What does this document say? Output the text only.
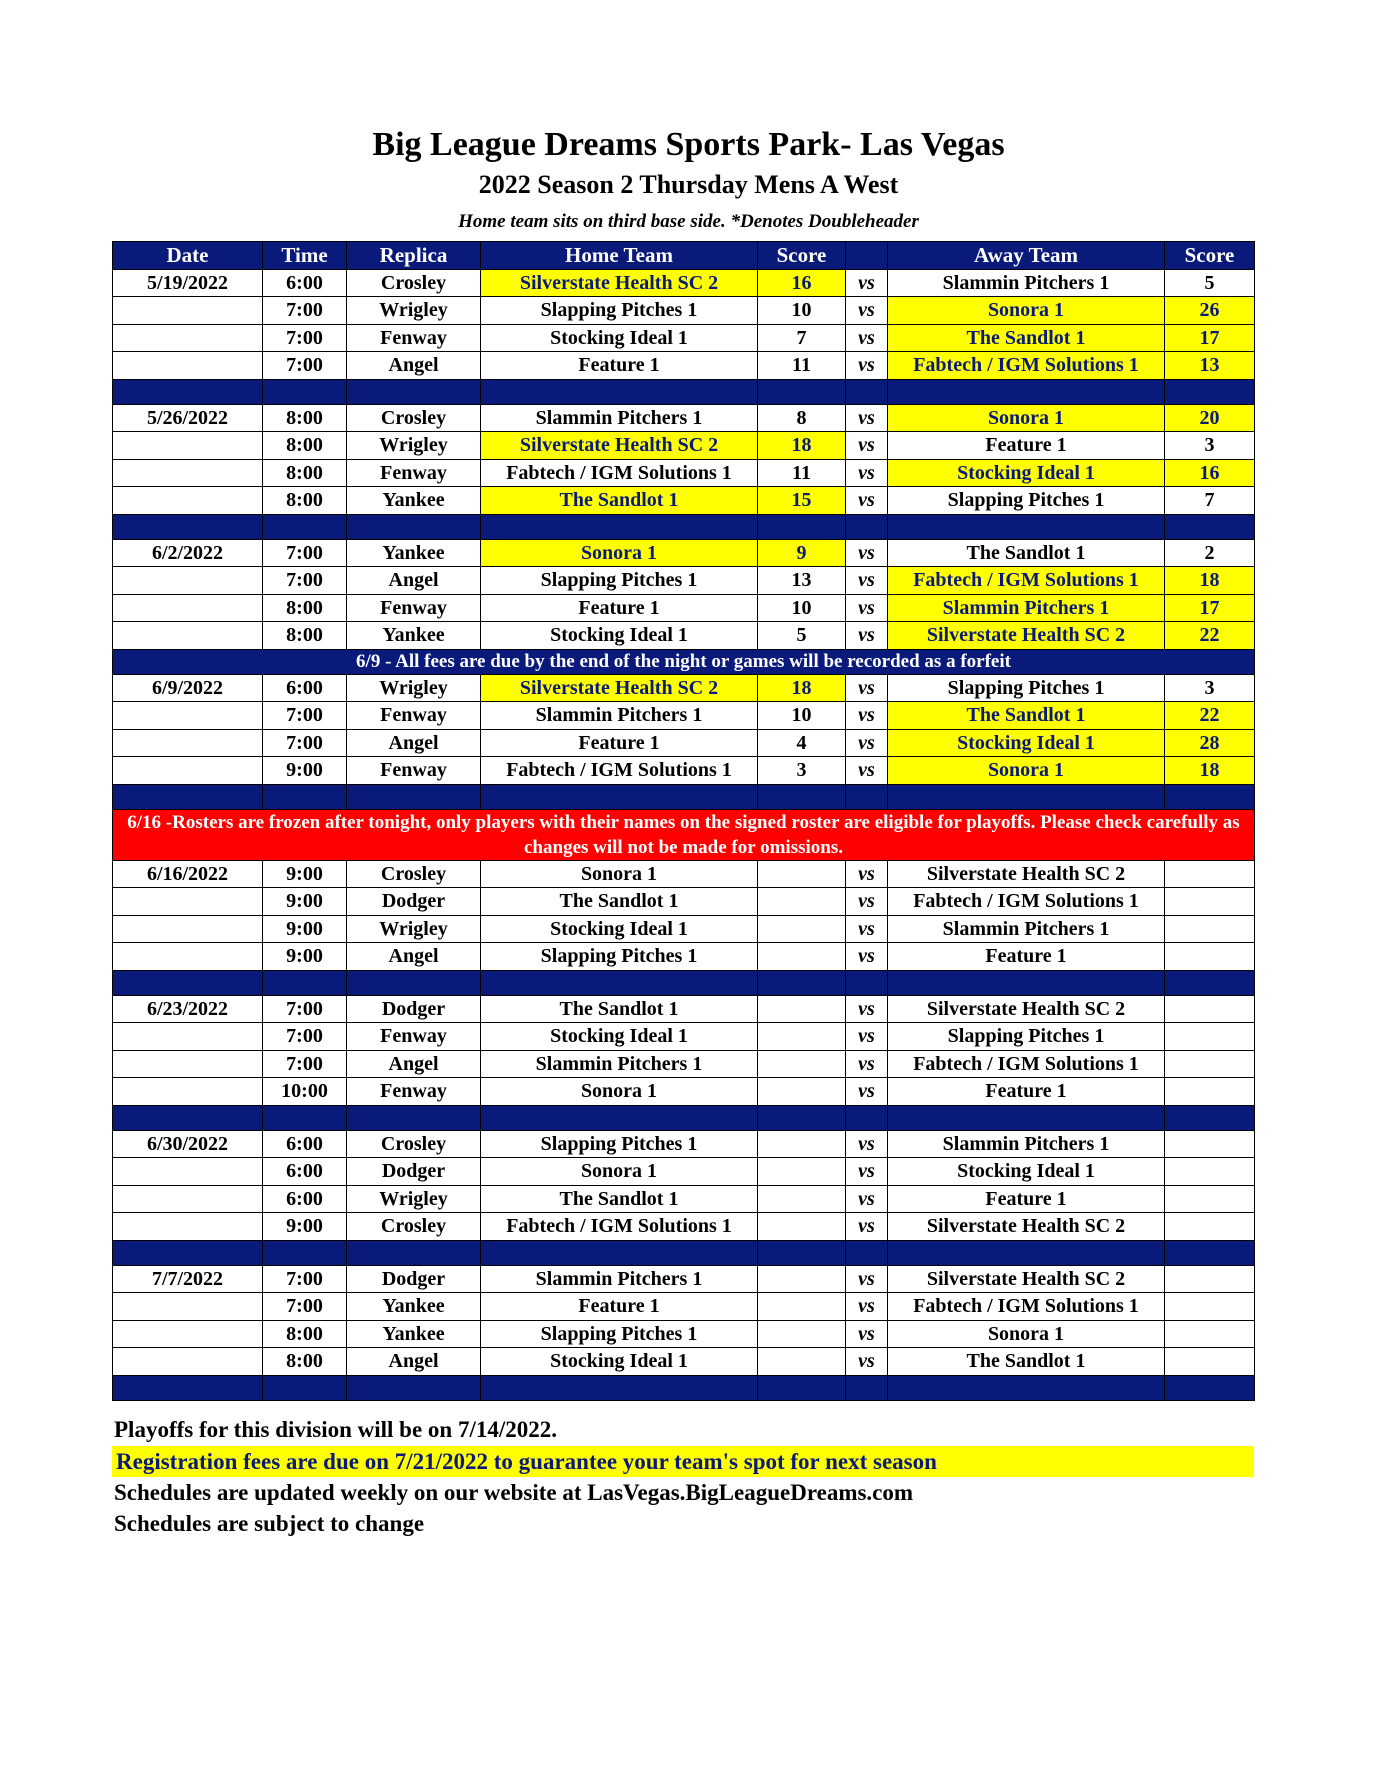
Big League Dreams Sports Park- Las Vegas
2022 Season 2 Thursday Mens A West
Home team sits on third base side. *Denotes Doubleheader
Date	Time	Replica	Home Team	Score		Away Team	Score
5/19/2022	6:00	Crosley	Silverstate Health SC 2	16	vs	Slammin Pitchers 1	5
	7:00	Wrigley	Slapping Pitches 1	10	vs	Sonora 1	26
	7:00	Fenway	Stocking Ideal 1	7	vs	The Sandlot 1	17
	7:00	Angel	Feature 1	11	vs	Fabtech / IGM Solutions 1	13

5/26/2022	8:00	Crosley	Slammin Pitchers 1	8	vs	Sonora 1	20
	8:00	Wrigley	Silverstate Health SC 2	18	vs	Feature 1	3
	8:00	Fenway	Fabtech / IGM Solutions 1	11	vs	Stocking Ideal 1	16
	8:00	Yankee	The Sandlot 1	15	vs	Slapping Pitches 1	7

6/2/2022	7:00	Yankee	Sonora 1	9	vs	The Sandlot 1	2
	7:00	Angel	Slapping Pitches 1	13	vs	Fabtech / IGM Solutions 1	18
	8:00	Fenway	Feature 1	10	vs	Slammin Pitchers 1	17
	8:00	Yankee	Stocking Ideal 1	5	vs	Silverstate Health SC 2	22
6/9 - All fees are due by the end of the night or games will be recorded as a forfeit							
6/9/2022	6:00	Wrigley	Silverstate Health SC 2	18	vs	Slapping Pitches 1	3
	7:00	Fenway	Slammin Pitchers 1	10	vs	The Sandlot 1	22
	7:00	Angel	Feature 1	4	vs	Stocking Ideal 1	28
	9:00	Fenway	Fabtech / IGM Solutions 1	3	vs	Sonora 1	18

6/16 -Rosters are frozen after tonight, only players with their names on the signed roster are eligible for playoffs. Please check carefully as changes will not be made for omissions.							
6/16/2022	9:00	Crosley	Sonora 1		vs	Silverstate Health SC 2	
	9:00	Dodger	The Sandlot 1		vs	Fabtech / IGM Solutions 1	
	9:00	Wrigley	Stocking Ideal 1		vs	Slammin Pitchers 1	
	9:00	Angel	Slapping Pitches 1		vs	Feature 1	

6/23/2022	7:00	Dodger	The Sandlot 1		vs	Silverstate Health SC 2	
	7:00	Fenway	Stocking Ideal 1		vs	Slapping Pitches 1	
	7:00	Angel	Slammin Pitchers 1		vs	Fabtech / IGM Solutions 1	
	10:00	Fenway	Sonora 1		vs	Feature 1	

6/30/2022	6:00	Crosley	Slapping Pitches 1		vs	Slammin Pitchers 1	
	6:00	Dodger	Sonora 1		vs	Stocking Ideal 1	
	6:00	Wrigley	The Sandlot 1		vs	Feature 1	
	9:00	Crosley	Fabtech / IGM Solutions 1		vs	Silverstate Health SC 2	

7/7/2022	7:00	Dodger	Slammin Pitchers 1		vs	Silverstate Health SC 2	
	7:00	Yankee	Feature 1		vs	Fabtech / IGM Solutions 1	
	8:00	Yankee	Slapping Pitches 1		vs	Sonora 1	
	8:00	Angel	Stocking Ideal 1		vs	The Sandlot 1	

Playoffs for this division will be on 7/14/2022.
Registration fees are due on 7/21/2022 to guarantee your team's spot for next season
Schedules are updated weekly on our website at LasVegas.BigLeagueDreams.com
Schedules are subject to change
